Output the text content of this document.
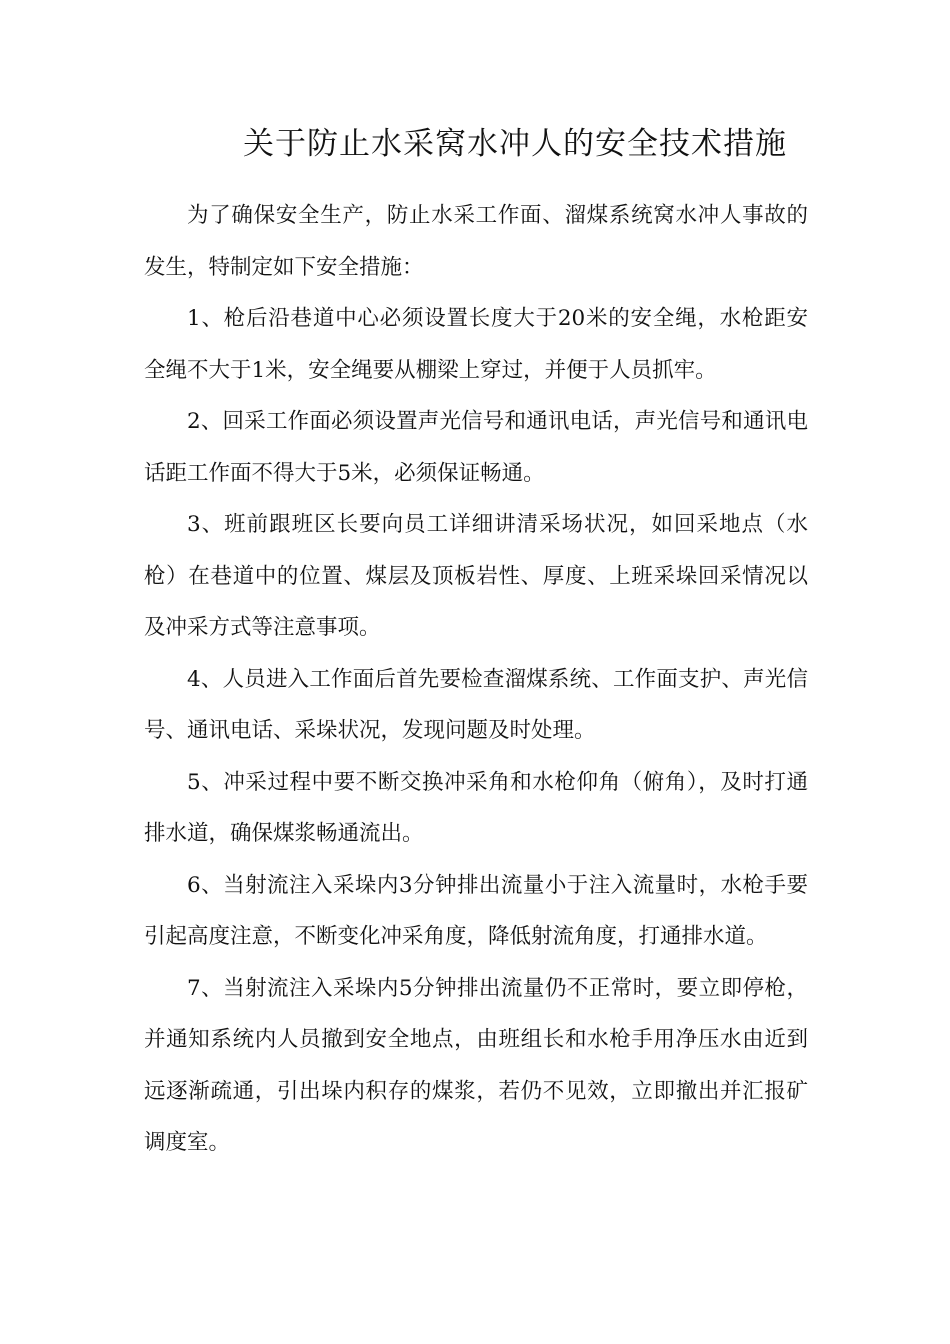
关于防止水采窝水冲人的安全技术措施

为了确保安全生产，防止水采工作面、溜煤系统窝水冲人事故的发生，特制定如下安全措施：

1、枪后沿巷道中心必须设置长度大于20米的安全绳，水枪距安全绳不大于1米，安全绳要从棚梁上穿过，并便于人员抓牢。

2、回采工作面必须设置声光信号和通讯电话，声光信号和通讯电话距工作面不得大于5米，必须保证畅通。

3、班前跟班区长要向员工详细讲清采场状况，如回采地点（水枪）在巷道中的位置、煤层及顶板岩性、厚度、上班采垛回采情况以及冲采方式等注意事项。

4、人员进入工作面后首先要检查溜煤系统、工作面支护、声光信号、通讯电话、采垛状况，发现问题及时处理。

5、冲采过程中要不断交换冲采角和水枪仰角（俯角），及时打通排水道，确保煤浆畅通流出。

6、当射流注入采垛内3分钟排出流量小于注入流量时，水枪手要引起高度注意，不断变化冲采角度，降低射流角度，打通排水道。

7、当射流注入采垛内5分钟排出流量仍不正常时，要立即停枪，并通知系统内人员撤到安全地点，由班组长和水枪手用净压水由近到远逐渐疏通，引出垛内积存的煤浆，若仍不见效，立即撤出并汇报矿调度室。
